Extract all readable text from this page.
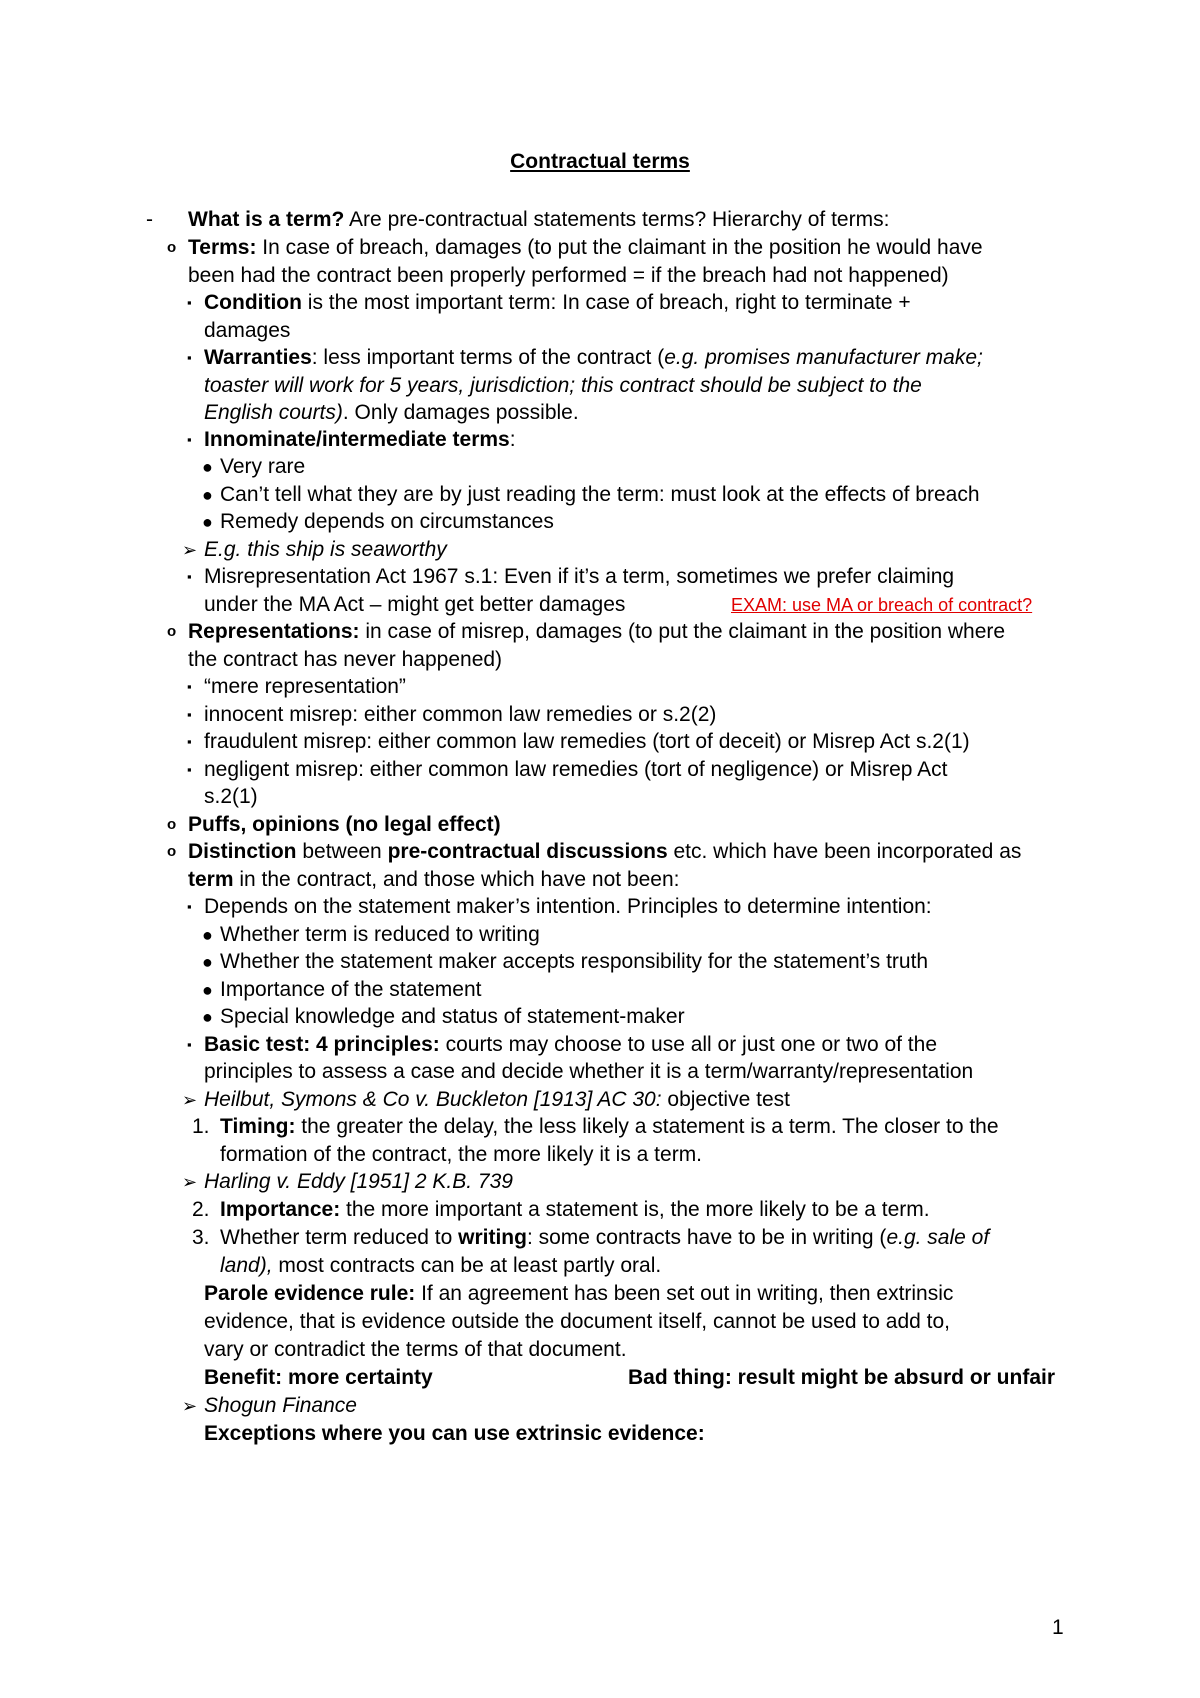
Contractual terms
- What is a term? Are pre-contractual statements terms? Hierarchy of terms:
o Terms: In case of breach, damages (to put the claimant in the position he would have
been had the contract been properly performed = if the breach had not happened)
▪ Condition is the most important term: In case of breach, right to terminate +
damages
▪ Warranties: less important terms of the contract (e.g. promises manufacturer make;
toaster will work for 5 years, jurisdiction; this contract should be subject to the
English courts). Only damages possible.
▪ Innominate/intermediate terms:
● Very rare
● Can’t tell what they are by just reading the term: must look at the effects of breach
● Remedy depends on circumstances
➢ E.g. this ship is seaworthy
▪ Misrepresentation Act 1967 s.1: Even if it’s a term, sometimes we prefer claiming
under the MA Act – might get better damages	EXAM: use MA or breach of contract?
o Representations: in case of misrep, damages (to put the claimant in the position where
the contract has never happened)
▪ “mere representation”
▪ innocent misrep: either common law remedies or s.2(2)
▪ fraudulent misrep: either common law remedies (tort of deceit) or Misrep Act s.2(1)
▪ negligent misrep: either common law remedies (tort of negligence) or Misrep Act
s.2(1)
o Puffs, opinions (no legal effect)
o Distinction between pre-contractual discussions etc. which have been incorporated as
term in the contract, and those which have not been:
▪ Depends on the statement maker’s intention. Principles to determine intention:
● Whether term is reduced to writing
● Whether the statement maker accepts responsibility for the statement’s truth
● Importance of the statement
● Special knowledge and status of statement-maker
▪ Basic test: 4 principles: courts may choose to use all or just one or two of the
principles to assess a case and decide whether it is a term/warranty/representation
➢ Heilbut, Symons & Co v. Buckleton [1913] AC 30: objective test
1. Timing: the greater the delay, the less likely a statement is a term. The closer to the
formation of the contract, the more likely it is a term.
➢ Harling v. Eddy [1951] 2 K.B. 739
2. Importance: the more important a statement is, the more likely to be a term.
3. Whether term reduced to writing: some contracts have to be in writing (e.g. sale of
land), most contracts can be at least partly oral.
Parole evidence rule: If an agreement has been set out in writing, then extrinsic
evidence, that is evidence outside the document itself, cannot be used to add to,
vary or contradict the terms of that document.
Benefit: more certainty	Bad thing: result might be absurd or unfair
➢ Shogun Finance
Exceptions where you can use extrinsic evidence:
1
